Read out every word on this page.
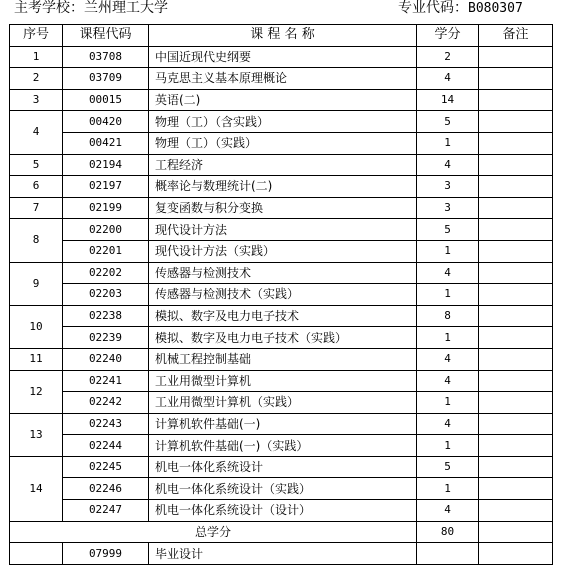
主考学校：兰州理工大学	专业代码：B080307
序号	课程代码	课 程 名 称	学分	备注
1	03708	中国近现代史纲要	2	
2	03709	马克思主义基本原理概论	4	
3	00015	英语(二)	14	
4	00420	物理（工）（含实践）	5	
	00421	物理（工）（实践）	1	
5	02194	工程经济	4	
6	02197	概率论与数理统计(二)	3	
7	02199	复变函数与积分变换	3	
8	02200	现代设计方法	5	
	02201	现代设计方法（实践）	1	
9	02202	传感器与检测技术	4	
	02203	传感器与检测技术（实践）	1	
10	02238	模拟、数字及电力电子技术	8	
	02239	模拟、数字及电力电子技术（实践）	1	
11	02240	机械工程控制基础	4	
12	02241	工业用微型计算机	4	
	02242	工业用微型计算机（实践）	1	
13	02243	计算机软件基础(一)	4	
	02244	计算机软件基础(一)（实践）	1	
14	02245	机电一体化系统设计	5	
	02246	机电一体化系统设计（实践）	1	
	02247	机电一体化系统设计（设计）	4	
总学分			80	
	07999	毕业设计		
